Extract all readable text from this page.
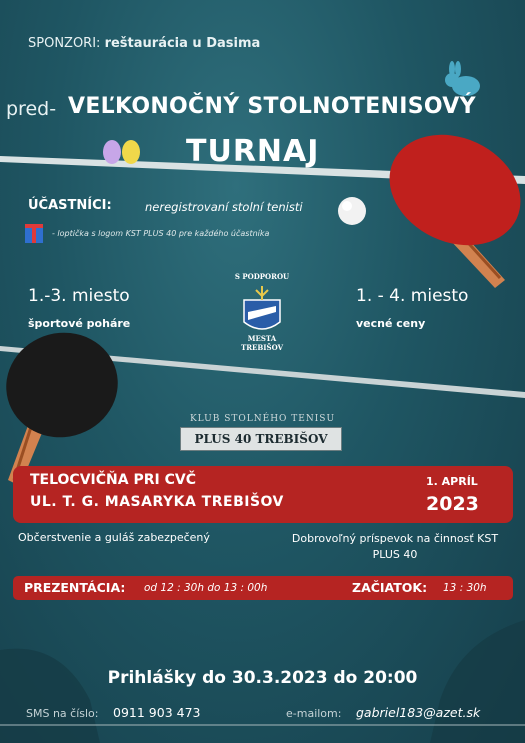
SPONZORI: reštaurácia u Dasima
pred- VEĽKONOČNÝ STOLNOTENISOVÝ
TURNAJ
ÚČASTNÍCI:	neregistrovaní stolní tenisti
- loptička s logom KST PLUS 40 pre každého účastníka
1.-3. miesto
športové poháre
1. - 4. miesto
vecné ceny
S PODPOROU
MESTA TREBIŠOV
KLUB STOLNÉHO TENISU
PLUS 40 TREBIŠOV
TELOCVIČŇA PRI CVČ
UL. T. G. MASARYKA TREBIŠOV
1. APRÍL
2023
Občerstvenie a guláš zabezpečený	Dobrovoľný príspevok na činnosť KST PLUS 40
PREZENTÁCIA: od 12 : 30h do 13 : 00h	ZAČIATOK: 13 : 30h
Prihlášky do 30.3.2023 do 20:00
SMS na číslo: 0911 903 473	e-mailom: gabriel183@azet.sk
